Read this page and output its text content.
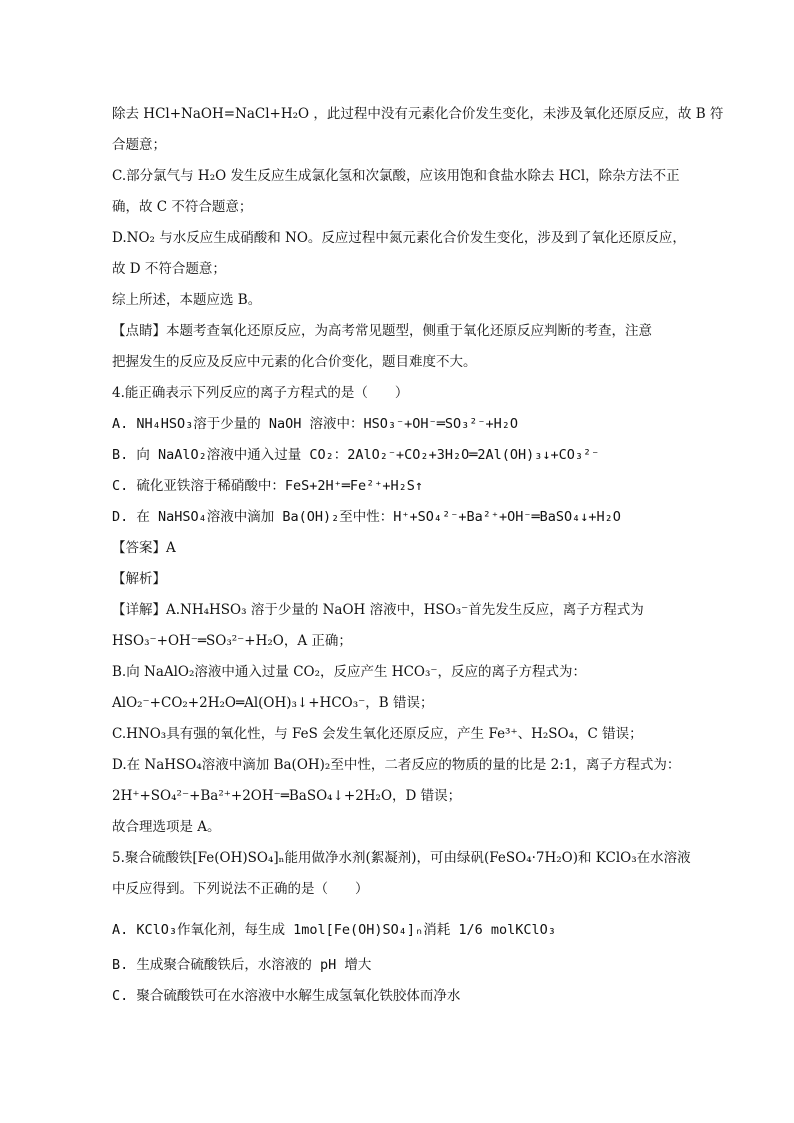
除去 HCl+NaOH=NaCl+H₂O ，此过程中没有元素化合价发生变化，未涉及氧化还原反应，故 B 符
合题意；
C.部分氯气与 H₂O 发生反应生成氯化氢和次氯酸，应该用饱和食盐水除去 HCl，除杂方法不正
确，故 C 不符合题意；
D.NO₂ 与水反应生成硝酸和 NO。反应过程中氮元素化合价发生变化，涉及到了氧化还原反应，
故 D 不符合题意；
综上所述，本题应选 B。
【点睛】本题考查氧化还原反应，为高考常见题型，侧重于氧化还原反应判断的考查，注意
把握发生的反应及反应中元素的化合价变化，题目难度不大。
4.能正确表示下列反应的离子方程式的是（　　）
A. NH₄HSO₃溶于少量的 NaOH 溶液中：HSO₃⁻+OH⁻═SO₃²⁻+H₂O
B. 向 NaAlO₂溶液中通入过量 CO₂：2AlO₂⁻+CO₂+3H₂O═2Al(OH)₃↓+CO₃²⁻
C. 硫化亚铁溶于稀硝酸中：FeS+2H⁺═Fe²⁺+H₂S↑
D. 在 NaHSO₄溶液中滴加 Ba(OH)₂至中性：H⁺+SO₄²⁻+Ba²⁺+OH⁻═BaSO₄↓+H₂O
【答案】A
【解析】
【详解】A.NH₄HSO₃ 溶于少量的 NaOH 溶液中，HSO₃⁻首先发生反应，离子方程式为
HSO₃⁻+OH⁻═SO₃²⁻+H₂O，A 正确；
B.向 NaAlO₂溶液中通入过量 CO₂，反应产生 HCO₃⁻，反应的离子方程式为：
AlO₂⁻+CO₂+2H₂O═Al(OH)₃↓+HCO₃⁻，B 错误；
C.HNO₃具有强的氧化性，与 FeS 会发生氧化还原反应，产生 Fe³⁺、H₂SO₄，C 错误；
D.在 NaHSO₄溶液中滴加 Ba(OH)₂至中性，二者反应的物质的量的比是 2:1，离子方程式为：
2H⁺+SO₄²⁻+Ba²⁺+2OH⁻═BaSO₄↓+2H₂O，D 错误；
故合理选项是 A。
5.聚合硫酸铁[Fe(OH)SO₄]ₙ能用做净水剂(絮凝剂)，可由绿矾(FeSO₄·7H₂O)和 KClO₃在水溶液
中反应得到。下列说法不正确的是（　　）
A. KClO₃作氧化剂，每生成 1mol[Fe(OH)SO₄]ₙ消耗 1/6 molKClO₃
B. 生成聚合硫酸铁后，水溶液的 pH 增大
C. 聚合硫酸铁可在水溶液中水解生成氢氧化铁胶体而净水
